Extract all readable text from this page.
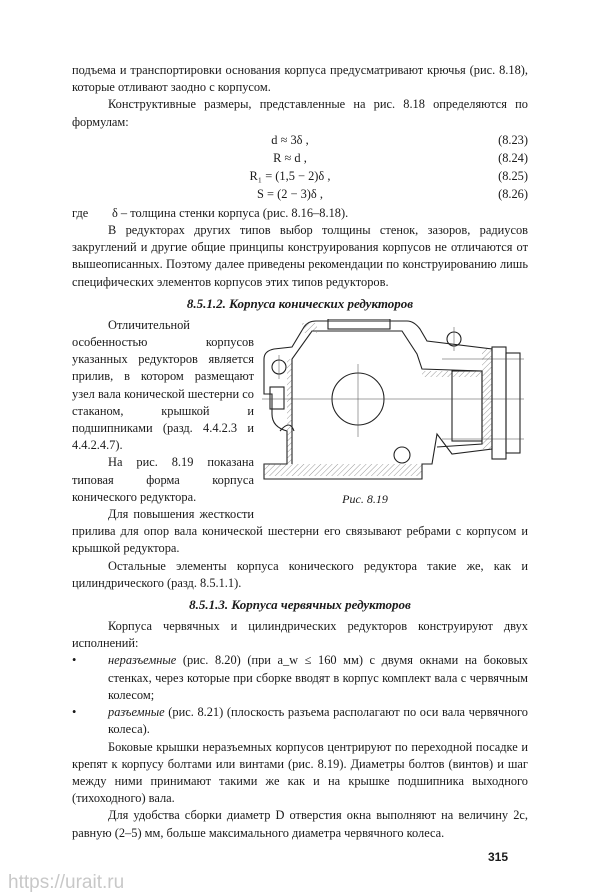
подъема и транспортировки основания корпуса предусматривают крючья (рис. 8.18), которые отливают заодно с корпусом.

Конструктивные размеры, представленные на рис. 8.18 определяются по формулам:

d ≈ 3δ ,	(8.23)
R ≈ d ,	(8.24)
R₁ = (1,5 − 2)δ ,	(8.25)
S = (2 − 3)δ ,	(8.26)
где	δ – толщина стенки корпуса (рис. 8.16–8.18).

В редукторах других типов выбор толщины стенок, зазоров, радиусов закруглений и другие общие принципы конструирования корпусов не отличаются от вышеописанных. Поэтому далее приведены рекомендации по конструированию лишь специфических элементов корпусов этих типов редукторов.

8.5.1.2. Корпуса конических редукторов
Рис. 8.19

Отличительной особенностью корпусов указанных редукторов является прилив, в котором размещают узел вала конической шестерни со стаканом, крышкой и подшипниками (разд. 4.4.2.3 и 4.4.2.4.7).

На рис. 8.19 показана типовая форма корпуса конического редуктора.

Для повышения жесткости прилива для опор вала конической шестерни его связывают ребрами с корпусом и крышкой редуктора.

Остальные элементы корпуса конического редуктора такие же, как и цилиндрического (разд. 8.5.1.1).

8.5.1.3. Корпуса червячных редукторов

Корпуса червячных и цилиндрических редукторов конструируют двух исполнений:

•	неразъемные (рис. 8.20) (при a_w ≤ 160 мм) с двумя окнами на боковых стенках, через которые при сборке вводят в корпус комплект вала с червячным колесом;
•	разъемные (рис. 8.21) (плоскость разъема располагают по оси вала червячного колеса).

Боковые крышки неразъемных корпусов центрируют по переходной посадке и крепят к корпусу болтами или винтами (рис. 8.19). Диаметры болтов (винтов) и шаг между ними принимают такими же как и на крышке подшипника выходного (тихоходного) вала.

Для удобства сборки диаметр D отверстия окна выполняют на величину 2c, равную (2–5) мм, больше максимального диаметра червячного колеса.

315
https://urait.ru
